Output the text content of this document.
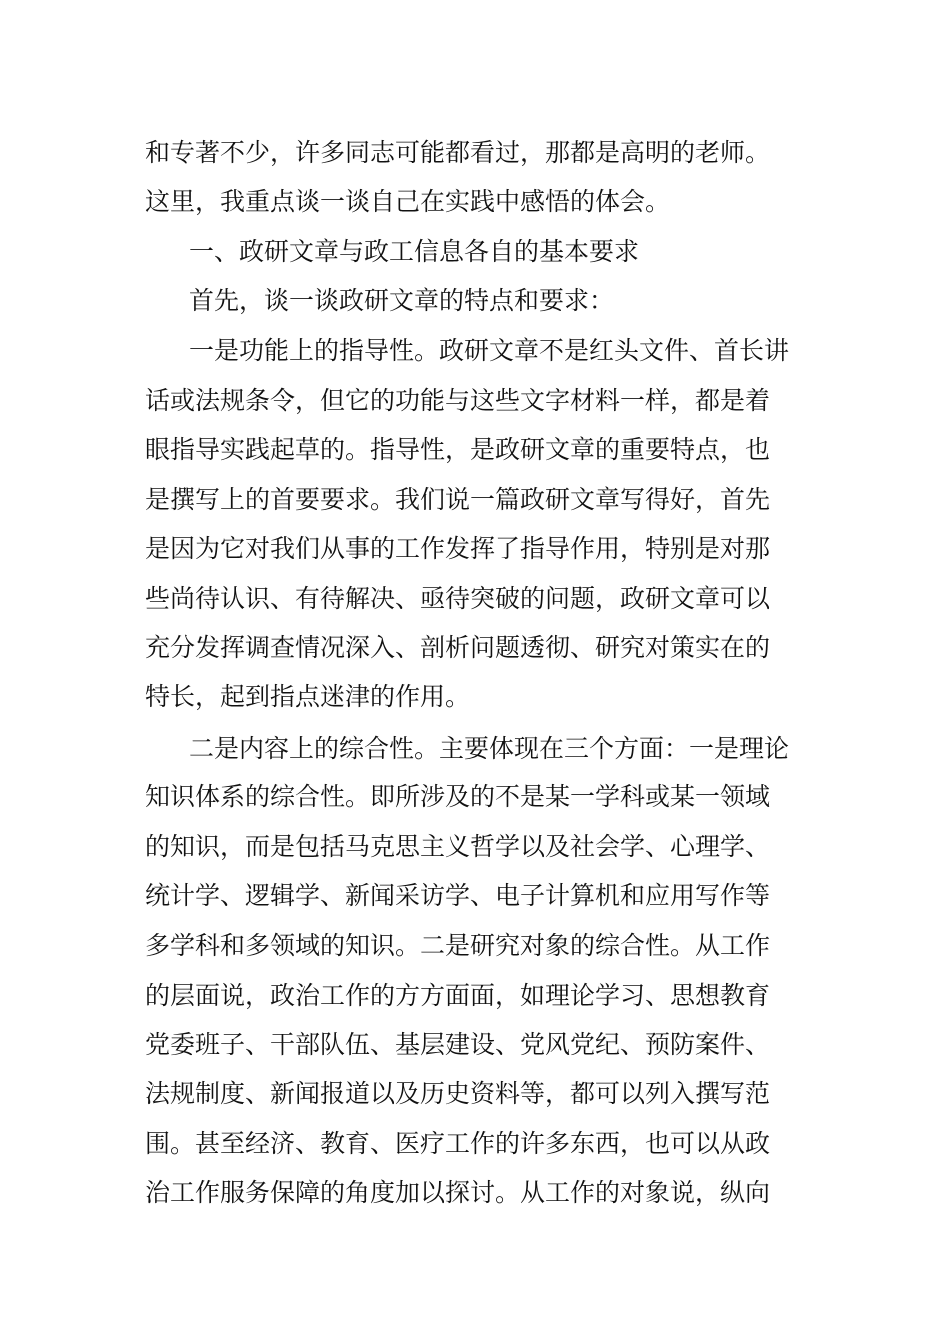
和专著不少，许多同志可能都看过，那都是高明的老师。

这里，我重点谈一谈自己在实践中感悟的体会。

一、政研文章与政工信息各自的基本要求

首先，谈一谈政研文章的特点和要求：

一是功能上的指导性。政研文章不是红头文件、首长讲

话或法规条令，但它的功能与这些文字材料一样，都是着

眼指导实践起草的。指导性，是政研文章的重要特点，也

是撰写上的首要要求。我们说一篇政研文章写得好，首先

是因为它对我们从事的工作发挥了指导作用，特别是对那

些尚待认识、有待解决、亟待突破的问题，政研文章可以

充分发挥调查情况深入、剖析问题透彻、研究对策实在的

特长，起到指点迷津的作用。

二是内容上的综合性。主要体现在三个方面：一是理论

知识体系的综合性。即所涉及的不是某一学科或某一领域

的知识，而是包括马克思主义哲学以及社会学、心理学、

统计学、逻辑学、新闻采访学、电子计算机和应用写作等

多学科和多领域的知识。二是研究对象的综合性。从工作

的层面说，政治工作的方方面面，如理论学习、思想教育

党委班子、干部队伍、基层建设、党风党纪、预防案件、

法规制度、新闻报道以及历史资料等，都可以列入撰写范

围。甚至经济、教育、医疗工作的许多东西，也可以从政

治工作服务保障的角度加以探讨。从工作的对象说，纵向
